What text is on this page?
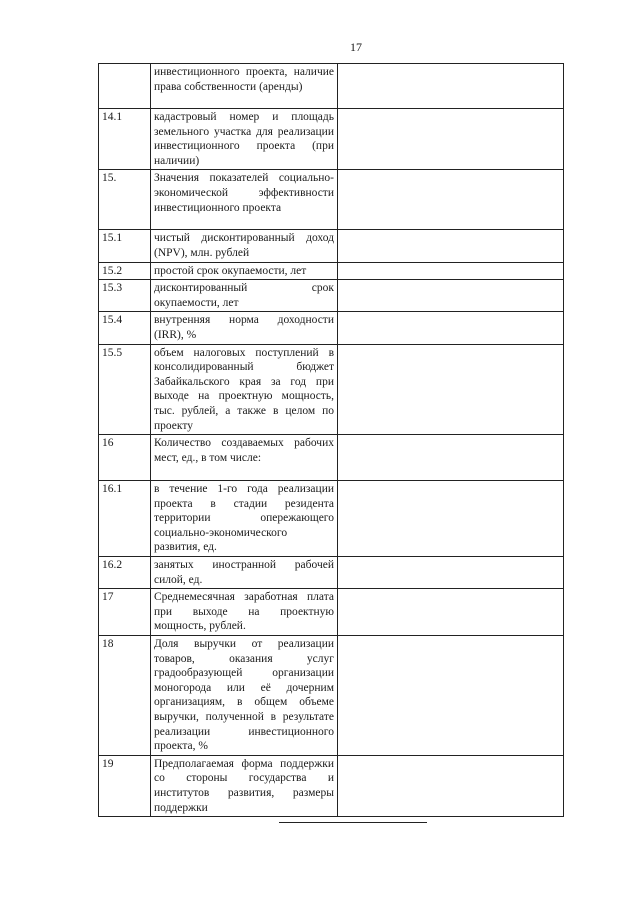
17
	инвестиционного проекта, наличие права собственности (аренды)	
14.1	кадастровый номер и площадь земельного участка для реализации инвестиционного проекта (при наличии)	
15.	Значения показателей социально-экономической эффективности инвестиционного проекта	
15.1	чистый дисконтированный доход (NPV), млн. рублей	
15.2	простой срок окупаемости, лет	
15.3	дисконтированный срок окупаемости, лет	
15.4	внутренняя норма доходности (IRR), %	
15.5	объем налоговых поступлений в консолидированный бюджет Забайкальского края за год при выходе на проектную мощность, тыс. рублей, а также в целом по проекту	
16	Количество создаваемых рабочих мест, ед., в том числе:	
16.1	в течение 1-го года реализации проекта в стадии резидента территории опережающего социально-экономического развития, ед.	
16.2	занятых иностранной рабочей силой, ед.	
17	Среднемесячная заработная плата при выходе на проектную мощность, рублей.	
18	Доля выручки от реализации товаров, оказания услуг градообразующей организации моногорода или её дочерним организациям, в общем объеме выручки, полученной в результате реализации инвестиционного проекта, %	
19	Предполагаемая форма поддержки со стороны государства и институтов развития, размеры поддержки	
